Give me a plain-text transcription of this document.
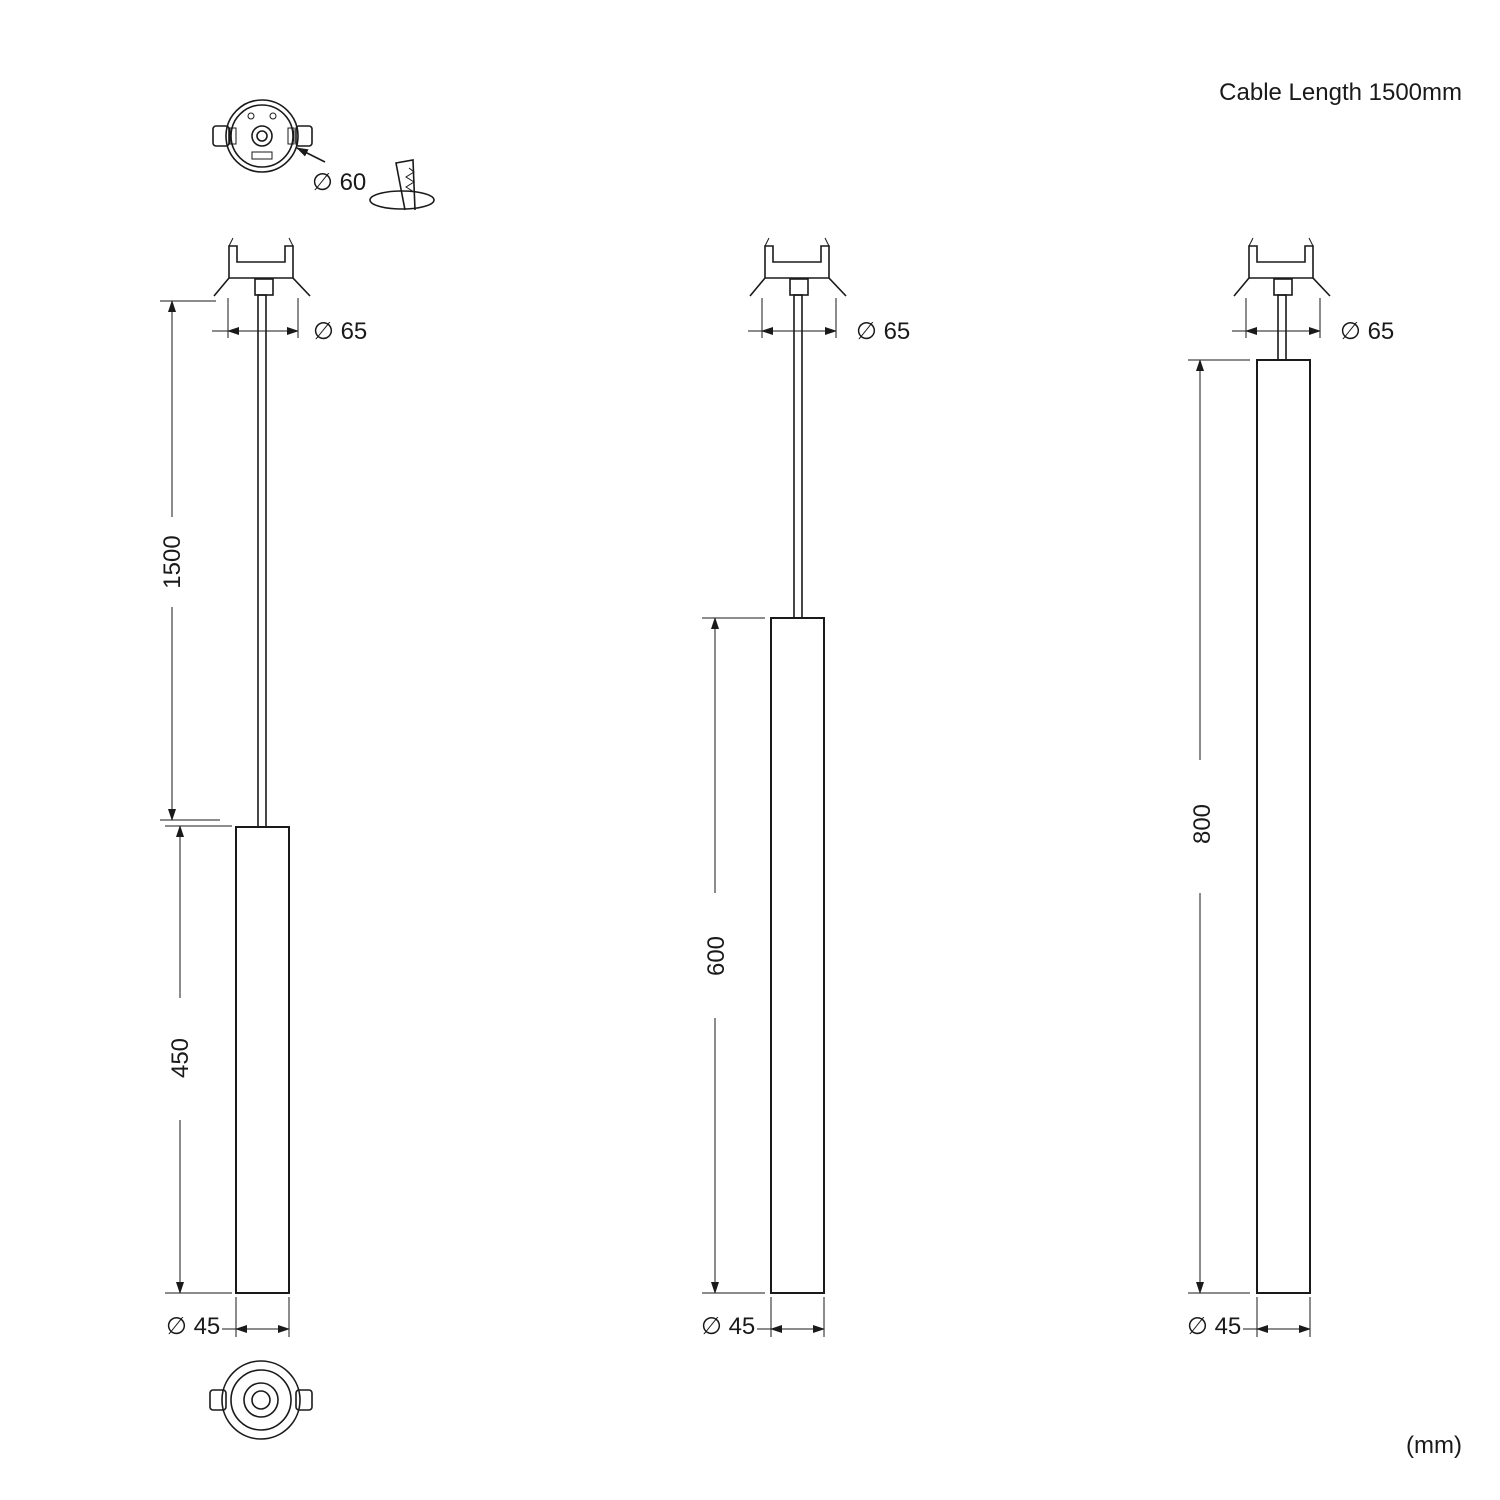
Cable Length 1500mm
(mm)
∅ 60
∅ 65
1500
450
∅ 45
∅ 65
600
∅ 45
∅ 65
800
∅ 45
